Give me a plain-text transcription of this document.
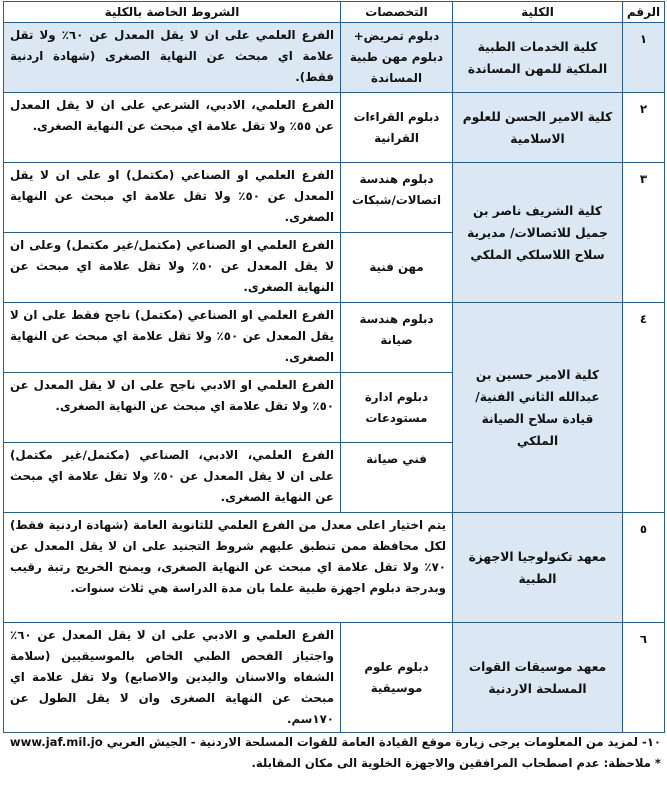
الرقم	الكلية	التخصصات	الشروط الخاصة بالكلية
١	كلية الخدمات الطبية الملكية للمهن المساندة	دبلوم تمريض+ دبلوم مهن طبية المساندة	الفرع العلمي على ان لا يقل المعدل عن ٦٠٪ ولا تقل علامة اي مبحث عن النهاية الصغرى (شهادة اردنية فقط).
٢	كلية الامير الحسن للعلوم الاسلامية	دبلوم القراءات القرانية	الفرع العلمي، الادبي، الشرعي على ان لا يقل المعدل عن ٥٥٪ ولا تقل علامة اي مبحث عن النهاية الصغرى.
٣	كلية الشريف ناصر بن جميل للاتصالات/ مديرية سلاح اللاسلكي الملكي	دبلوم هندسة اتصالات/شبكات	الفرع العلمي او الصناعي (مكتمل) او على ان لا يقل المعدل عن ٥٠٪ ولا تقل علامة اي مبحث عن النهاية الصغرى.
		مهن فنية	الفرع العلمي او الصناعي (مكتمل/غير مكتمل) وعلى ان لا يقل المعدل عن ٥٠٪ ولا تقل علامة اي مبحث عن النهاية الصغرى.
٤	كلية الامير حسين بن عبدالله الثاني الفنية/ قيادة سلاح الصيانة الملكي	دبلوم هندسة صيانة	الفرع العلمي او الصناعي (مكتمل) ناجح فقط على ان لا يقل المعدل عن ٥٠٪ ولا تقل علامة اي مبحث عن النهاية الصغرى.
		دبلوم ادارة مستودعات	الفرع العلمي او الادبي ناجح على ان لا يقل المعدل عن ٥٠٪ ولا تقل علامة اي مبحث عن النهاية الصغرى.
		فني صيانة	الفرع العلمي، الادبي، الصناعي (مكتمل/غير مكتمل) على ان لا يقل المعدل عن ٥٠٪ ولا تقل علامة اي مبحث عن النهاية الصغرى.
٥	معهد تكنولوجيا الاجهزة الطبية	يتم اختيار اعلى معدل من الفرع العلمي للثانوية العامة (شهادة اردنية فقط) لكل محافظة ممن تنطبق عليهم شروط التجنيد على ان لا يقل المعدل عن ٧٠٪ ولا تقل علامة اي مبحث عن النهاية الصغرى، ويمنح الخريج رتبة رقيب وبدرجة دبلوم اجهزة طبية علما بان مدة الدراسة هي ثلاث سنوات.	
٦	معهد موسيقات القوات المسلحة الاردنية	دبلوم علوم موسيقية	الفرع العلمي و الادبي على ان لا يقل المعدل عن ٦٠٪ واجتياز الفحص الطبي الخاص بالموسيقيين (سلامة الشفاه والاسنان واليدين والاصابع) ولا تقل علامة اي مبحث عن النهاية الصغرى وان لا يقل الطول عن ١٧٠سم.
١٠- لمزيد من المعلومات يرجى زيارة موقع القيادة العامة للقوات المسلحة الاردنية - الجيش العربي www.jaf.mil.jo
* ملاحظة: عدم اصطحاب المرافقين والاجهزة الخلوية الى مكان المقابلة.
